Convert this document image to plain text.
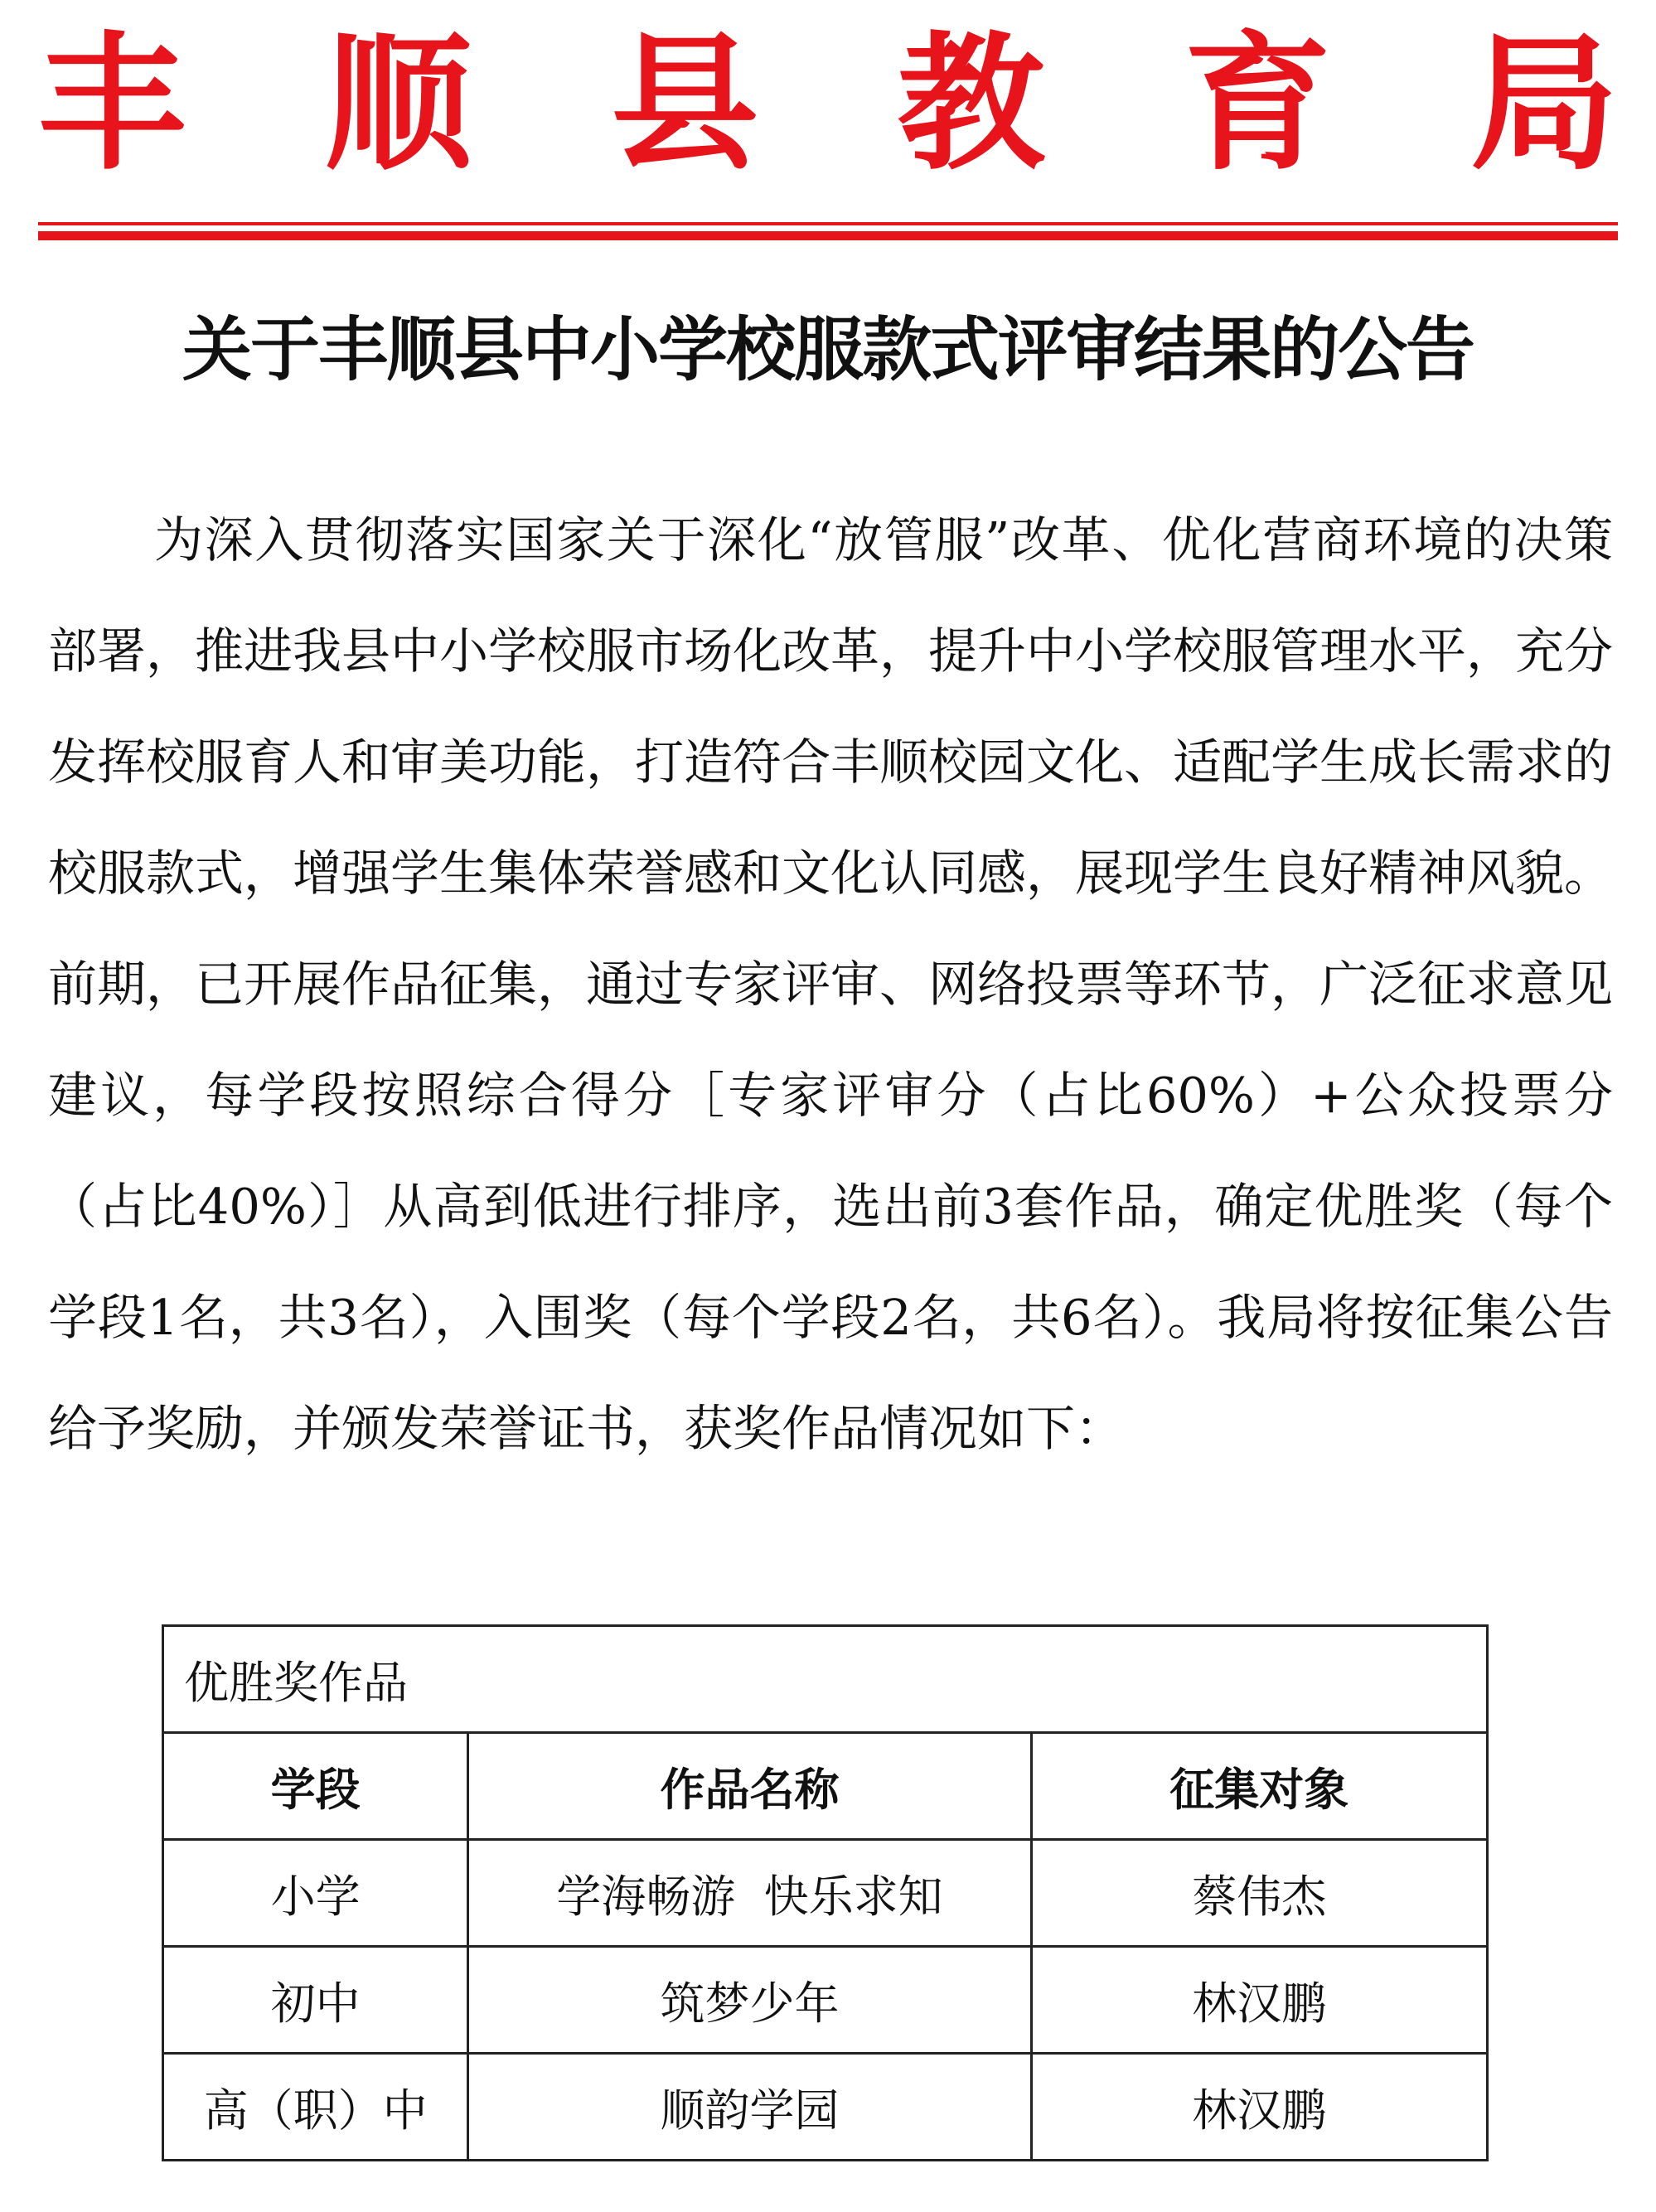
丰 顺 县 教 育 局
关于丰顺县中小学校服款式评审结果的公告

为深入贯彻落实国家关于深化“放管服”改革、优化营商环境的决策部署，推进我县中小学校服市场化改革，提升中小学校服管理水平，充分发挥校服育人和审美功能，打造符合丰顺校园文化、适配学生成长需求的校服款式，增强学生集体荣誉感和文化认同感，展现学生良好精神风貌。前期，已开展作品征集，通过专家评审、网络投票等环节，广泛征求意见建议，每学段按照综合得分［专家评审分（占比60%）+公众投票分（占比40%）］从高到低进行排序，选出前3套作品，确定优胜奖（每个学段1名，共3名），入围奖（每个学段2名，共6名）。我局将按征集公告给予奖励，并颁发荣誉证书，获奖作品情况如下：

优胜奖作品		
学段	作品名称	征集对象
小学	学海畅游  快乐求知	蔡伟杰
初中	筑梦少年	林汉鹏
高（职）中	顺韵学园	林汉鹏
